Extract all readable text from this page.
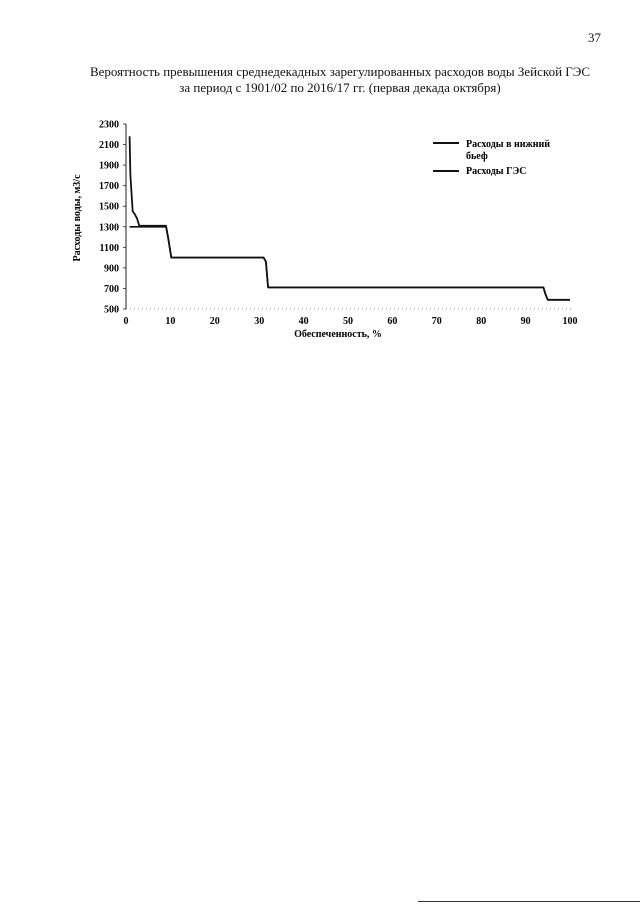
37
Вероятность превышения среднедекадных зарегулированных расходов воды Зейской ГЭС
за период с 1901/02 по 2016/17 гг. (первая декада октября)
2300
2100
1900
1700
1500
1300
1100
900
700
500
0	10	20	30	40	50	60	70	80	90	100
Расходы воды, м3/с
Обеспеченность, %
Расходы в нижний бьеф
Расходы ГЭС
